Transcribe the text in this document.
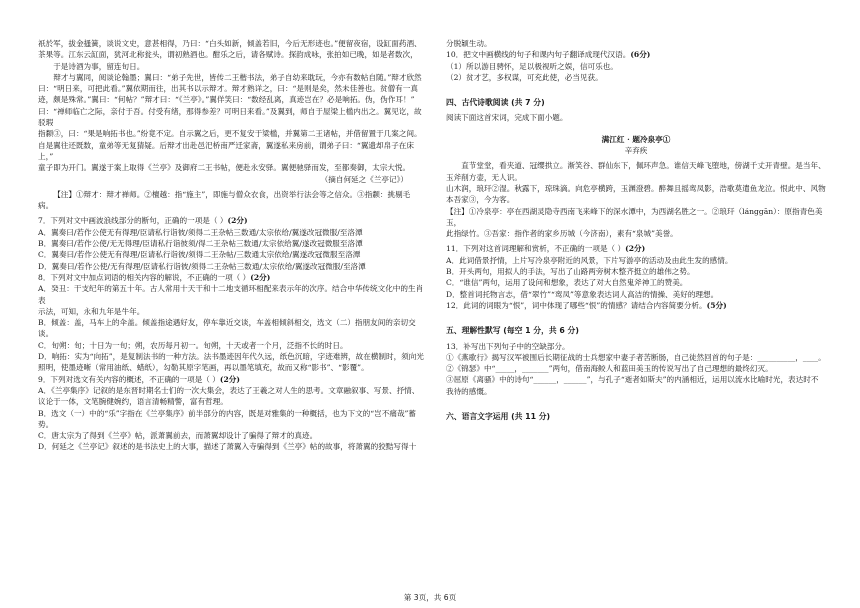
祇於军，拔金搔簧，谈说文史，意甚相得，乃曰：“白头如新，倾盖若旧，今后无形迹也。”便留夜宿，设缸面药酒、

茶果等。江东云缸面，犹河北称瓮头，谓初熟酒也。酣乐之后，请各赋诗。探韵成咏，张拍如已晚，如是者数次，

于是诗酒为事，留连旬日。

辩才与翼同，阅谈论翰墨；翼曰：“弟子先世，皆传二王楷书法，弟子自幼来耽玩，今亦有数帖自随。”辩才欣然

曰：“明日来，可把此看。”翼依期而往，出其书以示辩才。辩才熟详之，曰：“是则是矣，然未佳善也。贫僧有一真

迹，颇是殊常。”翼曰：“何帖？”辩才曰：“《兰亭》。”翼佯笑曰：“数经乱离，真迹岂在？必是响拓。伪，伪作耳！”

曰：“禅师临亡之际，亲付于吾。付受有绪，那得参差？可明日来看。”及翼到，师自于屋梁上槛内出之。翼见讫，故驳瑕

指颣③，曰：“果是响拓书也。”纷竟不定。自示翼之后，更不复安于梁槛，并翼第二王诸帖，并借留置于几案之间。

自是翼往还既数，童弟等无复猜疑。后辩才出赴邑汜桥南严迁家斋，翼遂私来房前，谓弟子曰：“翼遗却帛子在床上，”

童子即为开门。翼遂于案上取得《兰亭》及御府二王书帖，便赴永安驿。翼便驰驿而发，至都奏御，太宗大悦。

（摘自何延之《兰亭记》）

【注】①辩才：辩才禅师。②檀越：指“施主”，即施与僧众衣食，出资举行法会等之信众。③指颣：挑剔毛病。

7．下列对文中画波浪线部分的断句，正确的一项是（ ）(2分)

A．翼奏曰/若作公使无有得理/臣请私行诣彼/须得二王杂帖三数通/太宗依给/翼遂改冠微服/至洛潭

B．翼奏曰/若作公使/无无得理/臣请私行诣彼须/得二王杂帖三数通/太宗依给翼/遂改冠微服至洛潭

C．翼奏曰/若作公使无有得理/臣请私行诣彼/须得二王杂帖/三数通太宗依给/翼遂改冠微服至洛潭

D．翼奏曰/若作公使/无有得理/臣请私行诣彼/须得二王杂帖三数通/太宗依给/翼遂改冠微服/至洛潭

8．下列对文中加点词语的相关内容的解说，不正确的一项（ ）(2分)

A．癸丑：干支纪年的第五十年。古人常用十天干和十二地支循环相配来表示年的次序。结合中华传统文化中的生肖表

示法，可知，永和九年是牛年。

B．倾盖：盖，马车上的伞盖。倾盖指途遇好友，停车靠近交谈，车盖相倾斜相交，选文（二）指朋友间的亲切交谈。

C．旬朔：旬；十日为一旬；朔，农历每月初一。旬朔，十天或者一个月，泛指不长的时日。

D．响拓：实为“向拓”，是复制法书的一种方法。法书墨迹因年代久远，纸色沉暗，字迹难辨，故在横制时，须向光

照明，使墨迹晰（常用油纸、蜡纸），勾勒其原字笔画，再以墨笔填充，故而又称“影书”、“影覆”。

9．下列对选文有关内容的概述，不正确的一项是（ ）(2分)

A．《兰亭集序》记叙的是东晋时期名士们的一次大集会，表达了王羲之对人生的思考。文章融叙事、写景、抒情、

议论于一体，文笔腕健婉约，语言清畅精警，富有哲理。

B．选文（一）中的“乐”字指在《兰亭集序》前半部分的内容，既是对雅集的一种概括，也为下文的“岂不痛哉”蓄势。

C．唐太宗为了得到《兰亭》帖，派萧翼前去，而萧翼却设计了骗得了辩才的真迹。

D．何延之《兰亭记》叙述的是书法史上的大事，描述了萧翼入寺骗得到《兰亭》帖的故事，将萧翼的狡黠写得十

分脱颖生动。

10．把文中画横线的句子和课内句子翻译成现代汉语。(6分)

（1）所以游目骋怀，足以极视听之娱，信可乐也。

（2）贫才艺，多权谋，可充此使，必当见获。

四、古代诗歌阅读 (共 7 分)

阅读下面这首宋词，完成下面小题。

满江红 · 题冷泉亭①

辛弃疾

直节堂堂，看夹道、冠缨拱立。渐笑谷、群仙东下，佩环声急。谁信天峰飞堕地，傍湖千丈开青壁。是当年、

玉斧削方壶，无人识。

山木润，琅玕②湿。秋露下，琼珠滴。向危亭横跨，玉渊澄碧。醉舞且摇鸾凤影，浩歌莫遣鱼龙泣。恨此中、风物

本吾家③，今为客。

【注】①冷泉亭：亭在西湖灵隐寺西南飞来峰下的深水潭中，为西湖名胜之一。②琅玕（lánggān）：原指青色美玉，

此指绿竹。③吾家：指作者的家乡历城（今济南），素有“泉城”美誉。

11．下列对这首词理解和赏析，不正确的一项是（ ）(2分)

A．此词借景抒情，上片写冷泉亭附近的风景，下片写游亭的活动及由此生发的感情。

B．开头两句，用拟人的手法，写出了山路两旁树木整齐挺立的雄伟之势。

C．“谁信”两句，运用了设问和想象，表达了对大自然鬼斧神工的赞美。

D．整首词托物言志，借“翠竹”“鸾凤”等意象表达词人高洁的情操、美好的理想。

12．此词的词眼为“恨”，词中体现了哪些“恨”的情感？请结合内容简要分析。(5分)

五、理解性默写 (每空 1 分，共 6 分)

13．补写出下列句子中的空缺部分。

①《燕歌行》揭写汉军被围后长期征战的士兵想家中妻子者苦断肠，自己徒然回首的句子是：__________，____。

②《锦瑟》中“_____，_______”两句，借南海鲛人和蓝田美玉的传说写出了自己理想的最终幻灭。

③屈原《离骚》中的诗句“______，______”，与孔子“逝者如斯夫”的内涵相近，运用以流水比喻时光，表达时不我待的感慨。

六、语言文字运用 (共 11 分)

第 3页，共 6页
